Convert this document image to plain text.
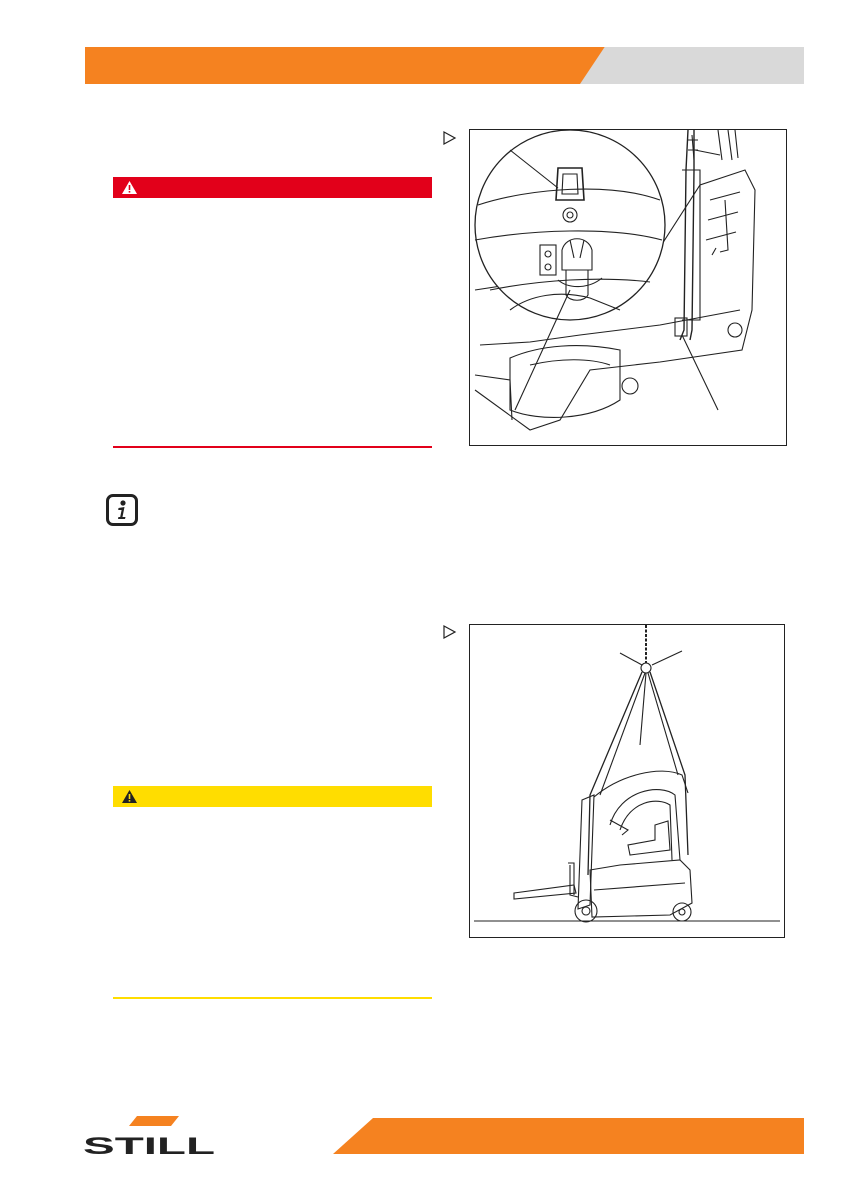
STILL
